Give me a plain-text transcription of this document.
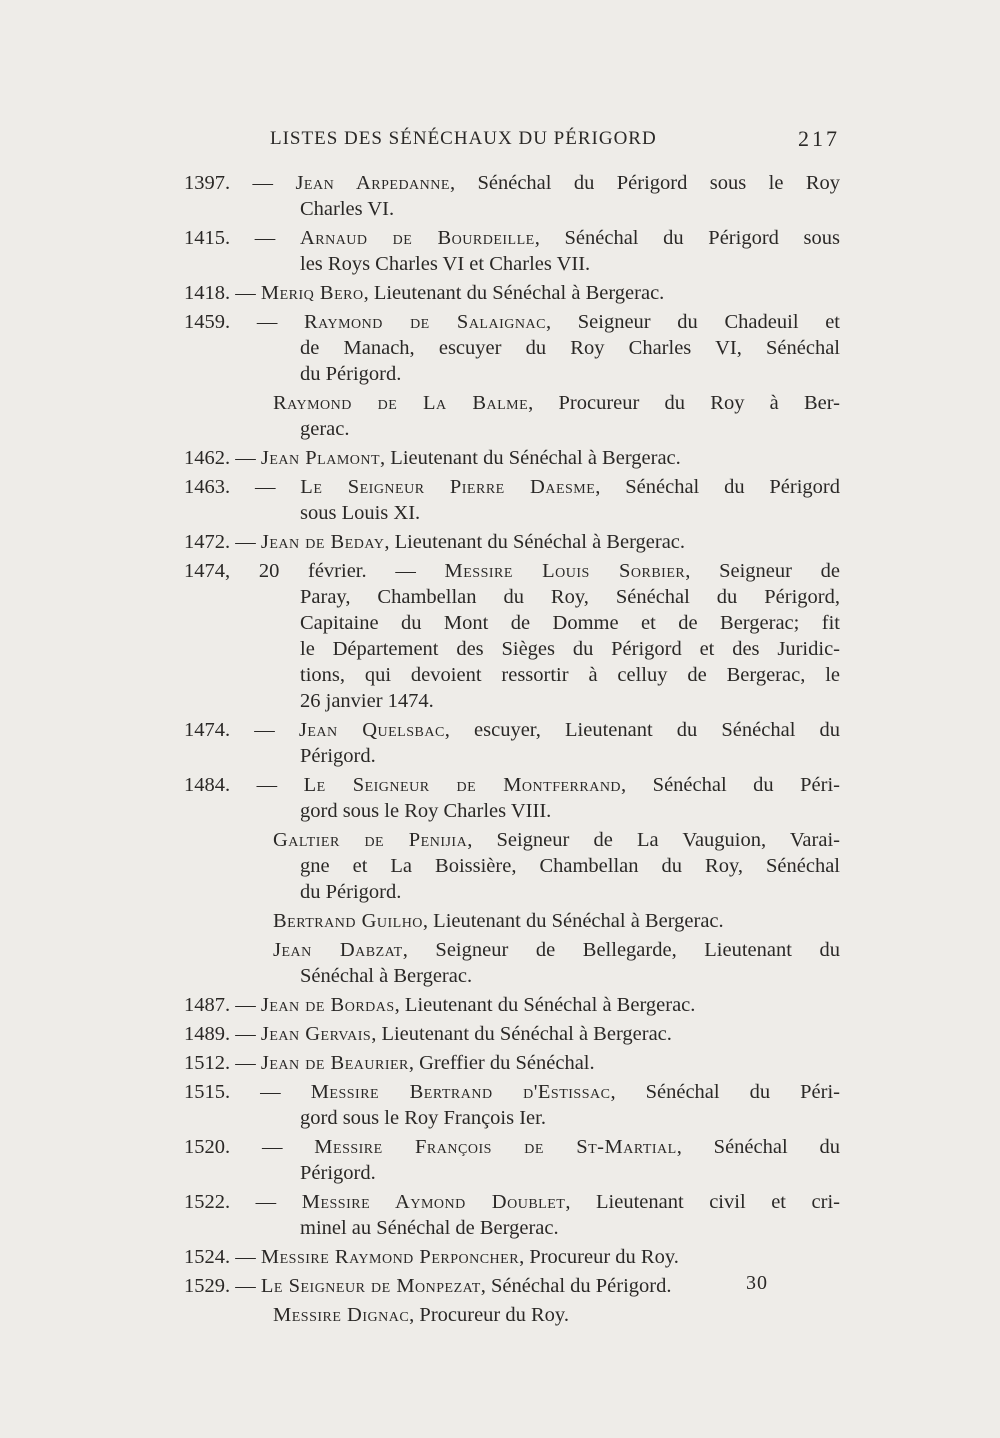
LISTES DES SÉNÉCHAUX DU PÉRIGORD	217
1397. — Jean Arpedanne, Sénéchal du Périgord sous le Roy
Charles VI.
1415. — Arnaud de Bourdeille, Sénéchal du Périgord sous
les Roys Charles VI et Charles VII.
1418. — Meriq Bero, Lieutenant du Sénéchal à Bergerac.
1459. — Raymond de Salaignac, Seigneur du Chadeuil et
de Manach, escuyer du Roy Charles VI, Sénéchal
du Périgord.
Raymond de La Balme, Procureur du Roy à Ber-
gerac.
1462. — Jean Plamont, Lieutenant du Sénéchal à Bergerac.
1463. — Le Seigneur Pierre Daesme, Sénéchal du Périgord
sous Louis XI.
1472. — Jean de Beday, Lieutenant du Sénéchal à Bergerac.
1474, 20 février. — Messire Louis Sorbier, Seigneur de
Paray, Chambellan du Roy, Sénéchal du Périgord,
Capitaine du Mont de Domme et de Bergerac; fit
le Département des Sièges du Périgord et des Juridic-
tions, qui devoient ressortir à celluy de Bergerac, le
26 janvier 1474.
1474. — Jean Quelsbac, escuyer, Lieutenant du Sénéchal du
Périgord.
1484. — Le Seigneur de Montferrand, Sénéchal du Péri-
gord sous le Roy Charles VIII.
Galtier de Penijia, Seigneur de La Vauguion, Varai-
gne et La Boissière, Chambellan du Roy, Sénéchal
du Périgord.
Bertrand Guilho, Lieutenant du Sénéchal à Bergerac.
Jean Dabzat, Seigneur de Bellegarde, Lieutenant du
Sénéchal à Bergerac.
1487. — Jean de Bordas, Lieutenant du Sénéchal à Bergerac.
1489. — Jean Gervais, Lieutenant du Sénéchal à Bergerac.
1512. — Jean de Beaurier, Greffier du Sénéchal.
1515. — Messire Bertrand d'Estissac, Sénéchal du Péri-
gord sous le Roy François Ier.
1520. — Messire François de St-Martial, Sénéchal du
Périgord.
1522. — Messire Aymond Doublet, Lieutenant civil et cri-
minel au Sénéchal de Bergerac.
1524. — Messire Raymond Perponcher, Procureur du Roy.
1529. — Le Seigneur de Monpezat, Sénéchal du Périgord.
Messire Dignac, Procureur du Roy.
30
